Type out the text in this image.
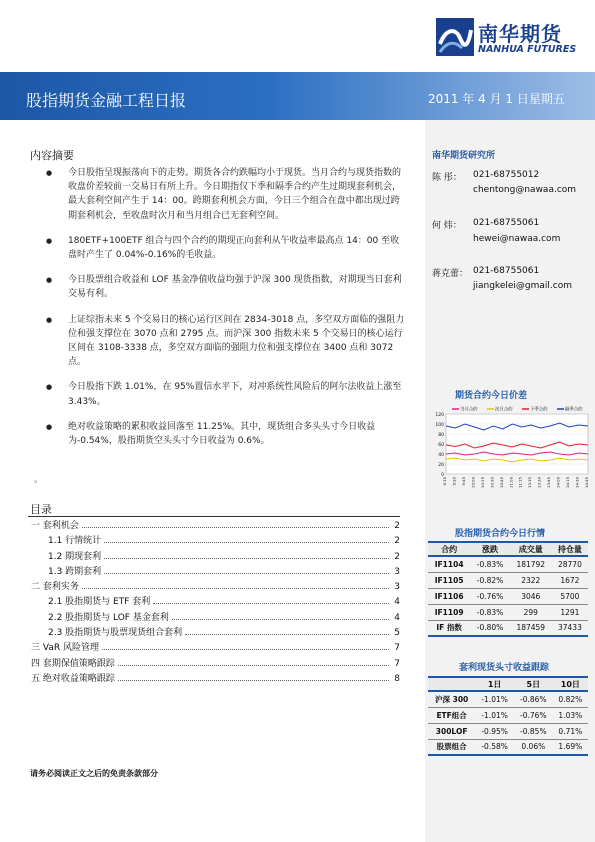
南华期货
NANHUA FUTURES
股指期货金融工程日报	2011 年 4 月 1 日星期五
南华期货研究所
陈 彤： 021-68755012
chentong@nawaa.com
何 炜： 021-68755061
hewei@nawaa.com
蒋克蕾： 021-68755061
jiangkelei@gmail.com
期货合约今日价差
0
20
40
60
80
100
120
9:15 9:30 9:45 10:00 10:15 10:30 10:45 11:00 11:15 13:15 13:30 13:45 14:00 14:15 14:30 14:45
当月合约	次月合约	下季合约	隔季合约
股指期货合约今日行情
合约	涨跌	成交量	持仓量
IF1104	-0.83%	181792	28770
IF1105	-0.82%	2322	1672
IF1106	-0.76%	3046	5700
IF1109	-0.83%	299	1291
IF 指数	-0.80%	187459	37433
套利现货头寸收益跟踪
	1日	5日	10日
沪深 300	-1.01%	-0.86%	0.82%
ETF组合	-1.01%	-0.76%	1.03%
300LOF	-0.95%	-0.85%	0.71%
股票组合	-0.58%	0.06%	1.69%
内容摘要
● 今日股指呈现振荡向下的走势。期货各合约跌幅均小于现货。当月合约与现货指数的收盘价差较前一交易日有所上升。今日期指仅下季和隔季合约产生过期现套利机会，最大套利空间产生于 14：00。跨期套利机会方面，今日三个组合在盘中都出现过跨期套利机会，至收盘时次月和当月组合已无套利空间。
● 180ETF+100ETF 组合与四个合约的期现正向套利从午收益率最高点 14：00 至收盘时产生了 0.04%-0.16%的毛收益。
● 今日股票组合收益和 LOF 基金净值收益均强于沪深 300 现货指数，对期现当日套利交易有利。
● 上证综指未来 5 个交易日的核心运行区间在 2834-3018 点，多空双方面临的强阻力位和强支撑位在 3070 点和 2795 点。而沪深 300 指数未来 5 个交易日的核心运行区间在 3108-3338 点，多空双方面临的强阻力位和强支撑位在 3400 点和 3072 点。
● 今日股指下跌 1.01%，在 95%置信水平下，对冲系统性风险后的阿尔法收益上涨至 3.43%。
● 绝对收益策略的累积收益回落至 11.25%。其中，现货组合多头头寸今日收益为-0.54%，股指期货空头头寸今日收益为 0.6%。
。
目录
一 套利机会	2
1.1 行情统计	2
1.2 期现套利	2
1.3 跨期套利	3
二 套利实务	3
2.1 股指期货与 ETF 套利	4
2.2 股指期货与 LOF 基金套利	4
2.3 股指期货与股票现货组合套利	5
三 VaR 风险管理	7
四 套期保值策略跟踪	7
五 绝对收益策略跟踪	8
请务必阅读正文之后的免责条款部分
